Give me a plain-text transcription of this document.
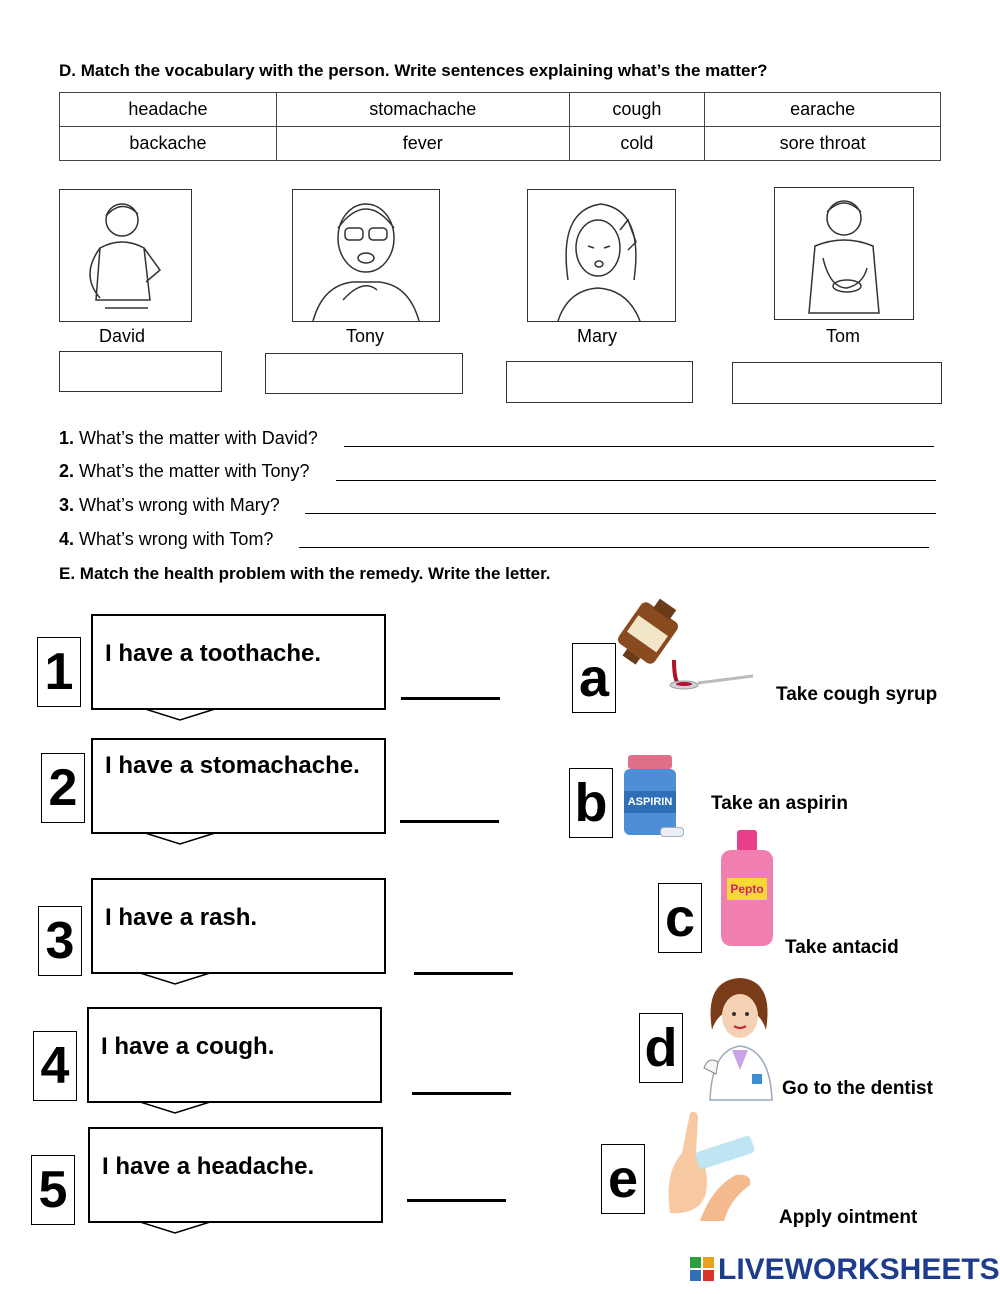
D. Match the vocabulary with the person. Write sentences explaining what’s the matter?
headache	stomachache	cough	earache
backache	fever	cold	sore throat
David	Tony	Mary	Tom
1. What’s the matter with David?
2. What’s the matter with Tony?
3. What’s wrong with Mary?
4. What’s wrong with Tom?
E. Match the health problem with the remedy. Write the letter.
1	I have a toothache.
2	I have a stomachache.
3	I have a rash.
4	I have a cough.
5	I have a headache.
a	Take cough syrup
b	ASPIRIN Take an aspirin
c	Pepto
Take antacid
d
Go to the dentist
e
Apply ointment
LIVEWORKSHEETS
